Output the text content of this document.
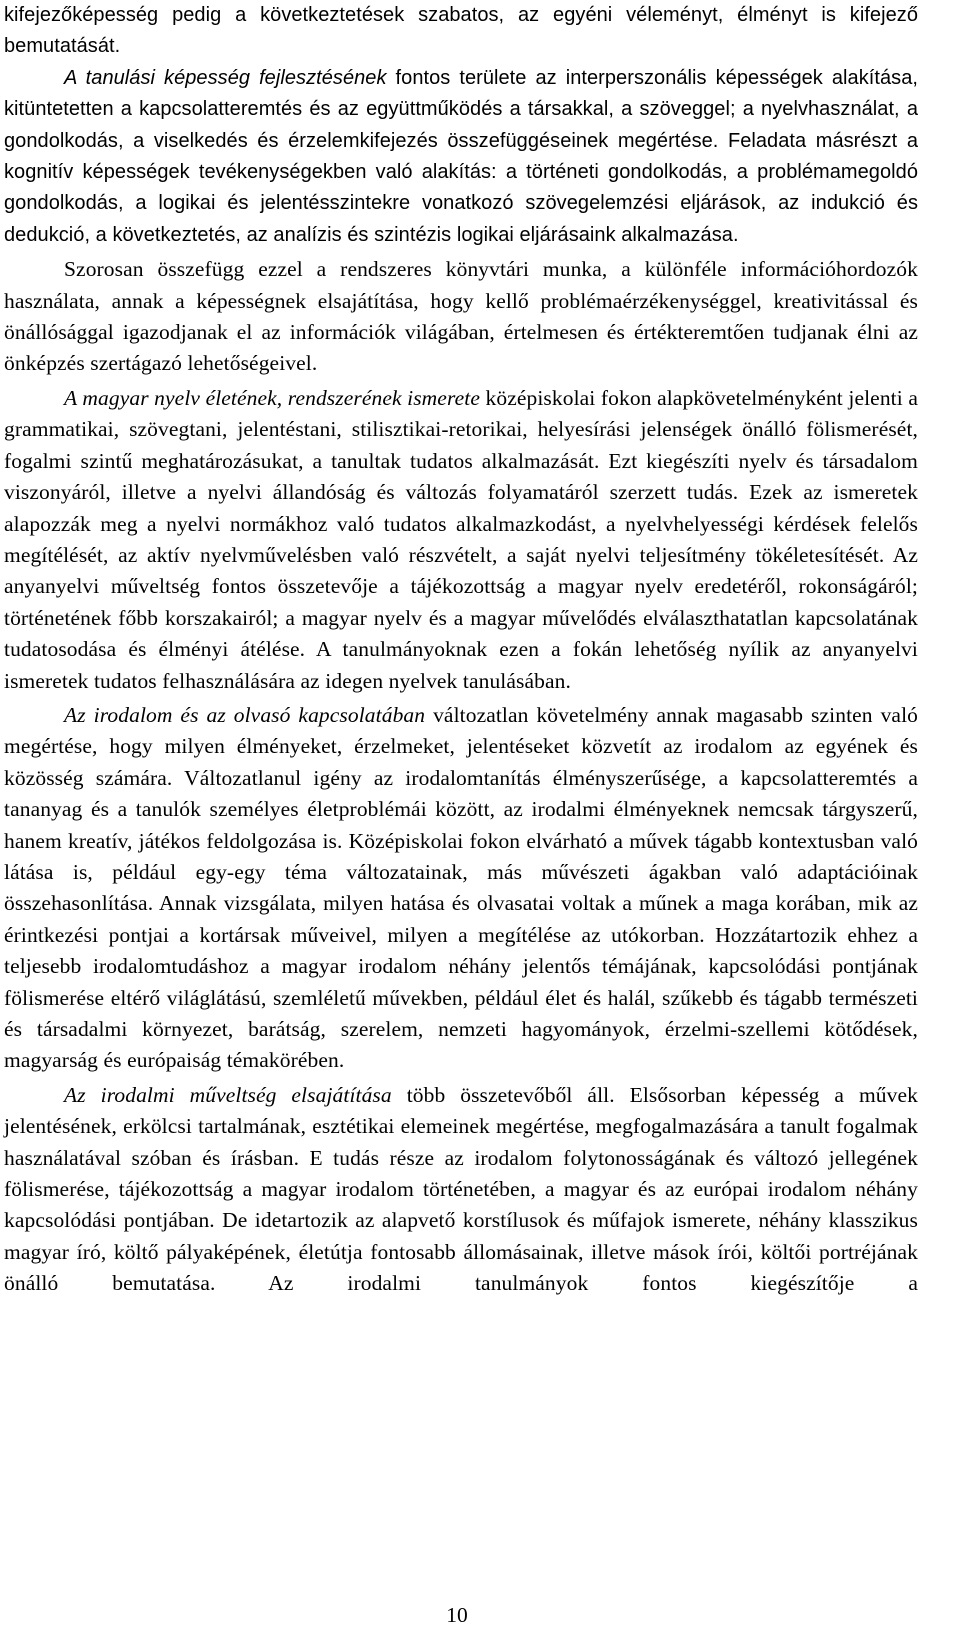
kifejezőképesség pedig a következtetések szabatos, az egyéni véleményt, élményt is kifejező bemutatását.

A tanulási képesség fejlesztésének fontos területe az interperszonális képességek alakítása, kitüntetetten a kapcsolatteremtés és az együttműködés a társakkal, a szöveggel; a nyelvhasználat, a gondolkodás, a viselkedés és érzelemkifejezés összefüggéseinek megértése. Feladata másrészt a kognitív képességek tevékenységekben való alakítás: a történeti gondolkodás, a problémamegoldó gondolkodás, a logikai és jelentésszintekre vonatkozó szövegelemzési eljárások, az indukció és dedukció, a következtetés, az analízis és szintézis logikai eljárásaink alkalmazása.

Szorosan összefügg ezzel a rendszeres könyvtári munka, a különféle információhordozók használata, annak a képességnek elsajátítása, hogy kellő problémaérzékenységgel, kreativitással és önállósággal igazodjanak el az információk világában, értelmesen és értékteremtően tudjanak élni az önképzés szertágazó lehetőségeivel.

A magyar nyelv életének, rendszerének ismerete középiskolai fokon alapkövetelményként jelenti a grammatikai, szövegtani, jelentéstani, stilisztikai-retorikai, helyesírási jelenségek önálló fölismerését, fogalmi szintű meghatározásukat, a tanultak tudatos alkalmazását. Ezt kiegészíti nyelv és társadalom viszonyáról, illetve a nyelvi állandóság és változás folyamatáról szerzett tudás. Ezek az ismeretek alapozzák meg a nyelvi normákhoz való tudatos alkalmazkodást, a nyelvhelyességi kérdések felelős megítélését, az aktív nyelvművelésben való részvételt, a saját nyelvi teljesítmény tökéletesítését. Az anyanyelvi műveltség fontos összetevője a tájékozottság a magyar nyelv eredetéről, rokonságáról; történetének főbb korszakairól; a magyar nyelv és a magyar művelődés elválaszthatatlan kapcsolatának tudatosodása és élményi átélése. A tanulmányoknak ezen a fokán lehetőség nyílik az anyanyelvi ismeretek tudatos felhasználására az idegen nyelvek tanulásában.

Az irodalom és az olvasó kapcsolatában változatlan követelmény annak magasabb szinten való megértése, hogy milyen élményeket, érzelmeket, jelentéseket közvetít az irodalom az egyének és közösség számára. Változatlanul igény az irodalomtanítás élményszerűsége, a kapcsolatteremtés a tananyag és a tanulók személyes életproblémái között, az irodalmi élményeknek nemcsak tárgyszerű, hanem kreatív, játékos feldolgozása is. Középiskolai fokon elvárható a művek tágabb kontextusban való látása is, például egy-egy téma változatainak, más művészeti ágakban való adaptációinak összehasonlítása. Annak vizsgálata, milyen hatása és olvasatai voltak a műnek a maga korában, mik az érintkezési pontjai a kortársak műveivel, milyen a megítélése az utókorban. Hozzátartozik ehhez a teljesebb irodalomtudáshoz a magyar irodalom néhány jelentős témájának, kapcsolódási pontjának fölismerése eltérő világlátású, szemléletű művekben, például élet és halál, szűkebb és tágabb természeti és társadalmi környezet, barátság, szerelem, nemzeti hagyományok, érzelmi-szellemi kötődések, magyarság és európaiság témakörében.

Az irodalmi műveltség elsajátítása több összetevőből áll. Elsősorban képesség a művek jelentésének, erkölcsi tartalmának, esztétikai elemeinek megértése, megfogalmazására a tanult fogalmak használatával szóban és írásban. E tudás része az irodalom folytonosságának és változó jellegének fölismerése, tájékozottság a magyar irodalom történetében, a magyar és az európai irodalom néhány kapcsolódási pontjában. De idetartozik az alapvető korstílusok és műfajok ismerete, néhány klasszikus magyar író, költő pályaképének, életútja fontosabb állomásainak, illetve mások írói, költői portréjának önálló bemutatása. Az irodalmi tanulmányok fontos kiegészítője a

10
